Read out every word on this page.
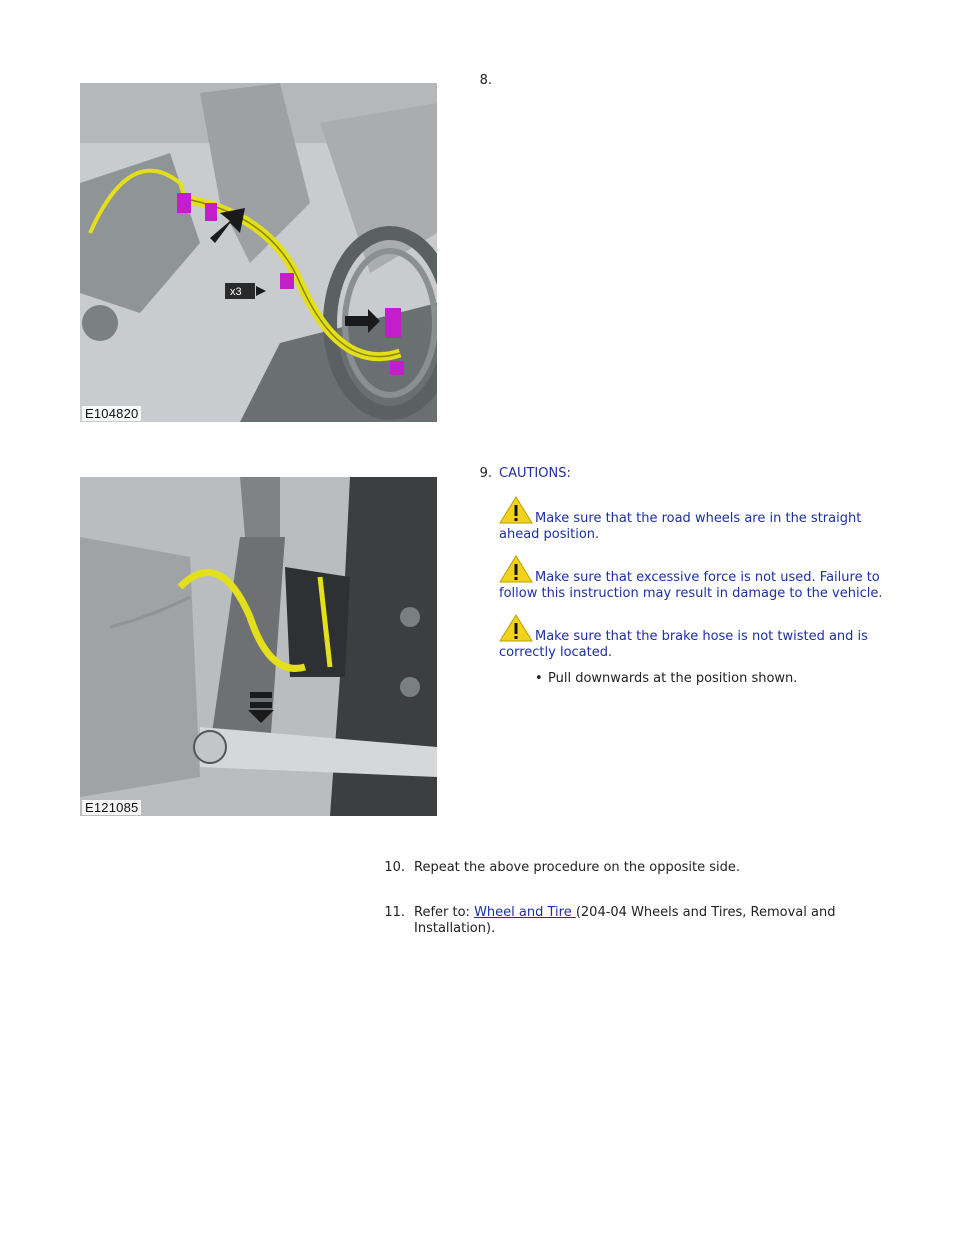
x3
E104820
8.
E121085
9. CAUTIONS:
Make sure that the road wheels are in the straight ahead position.
Make sure that excessive force is not used. Failure to follow this instruction may result in damage to the vehicle.
Make sure that the brake hose is not twisted and is correctly located.
• Pull downwards at the position shown.
10. Repeat the above procedure on the opposite side.
11. Refer to: Wheel and Tire (204-04 Wheels and Tires, Removal and Installation).
